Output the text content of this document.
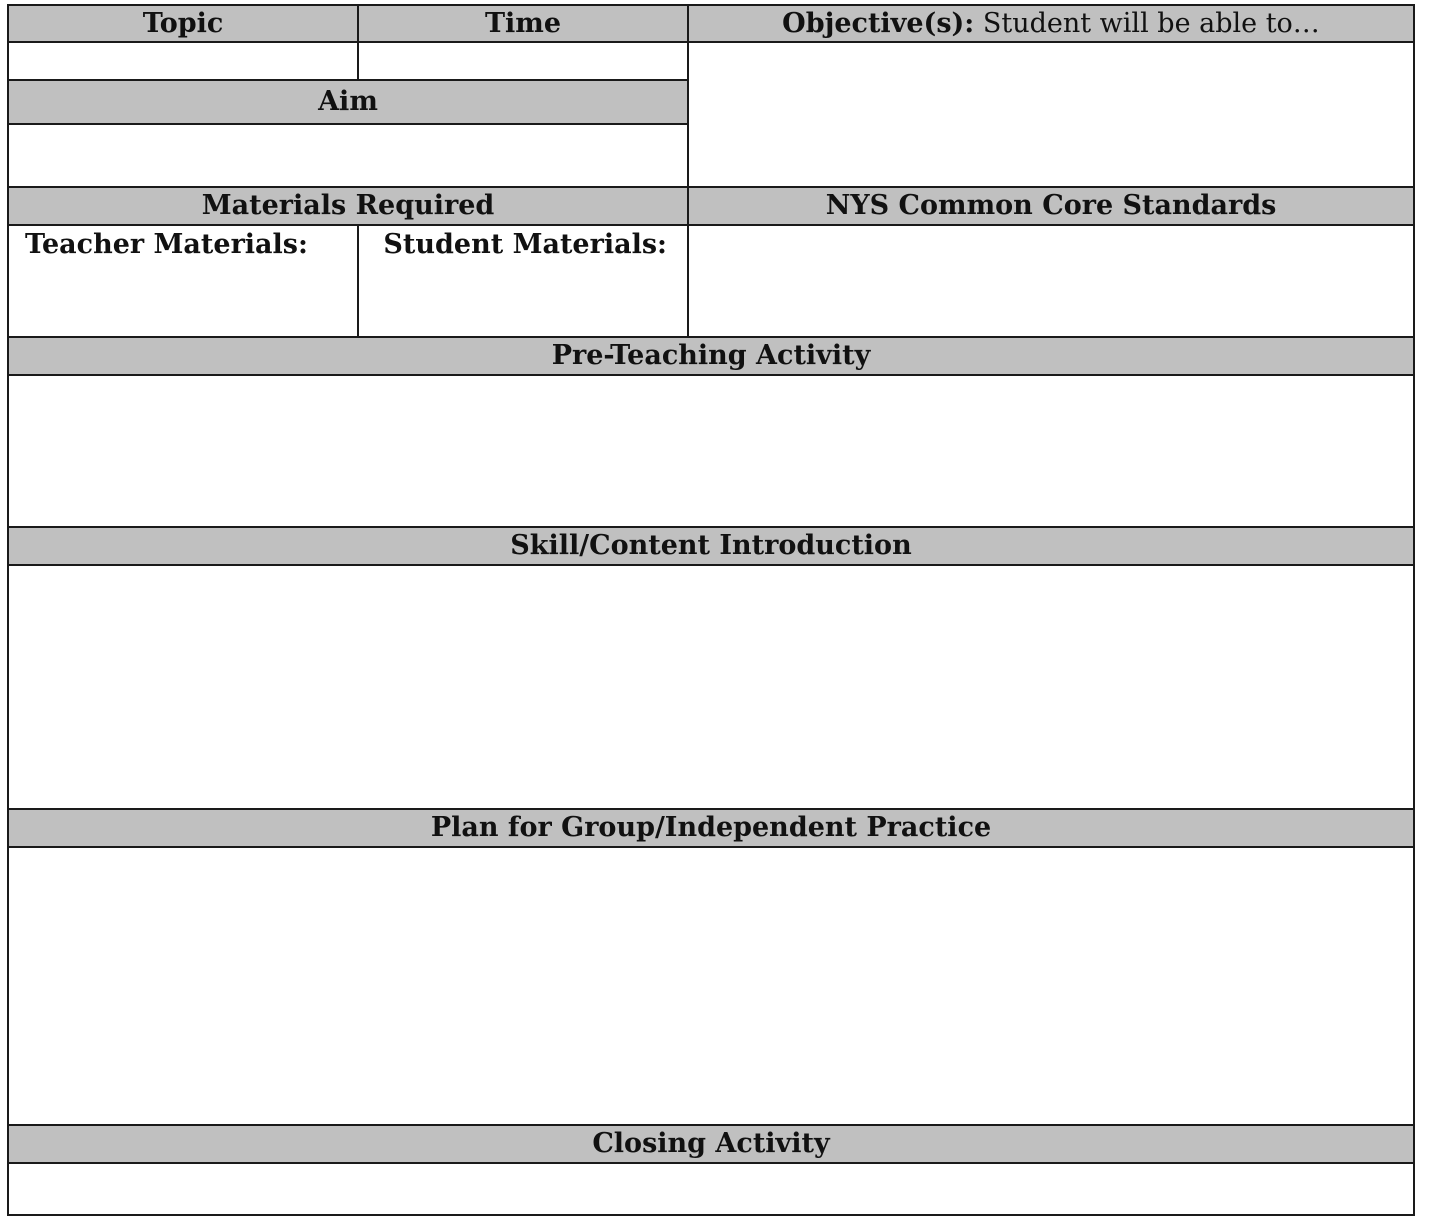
Topic	Time	Objective(s): Student will be able to…

Aim		

Materials Required		NYS Common Core Standards
Teacher Materials:	Student Materials:	
Pre-Teaching Activity		

Skill/Content Introduction		

Plan for Group/Independent Practice		

Closing Activity		
